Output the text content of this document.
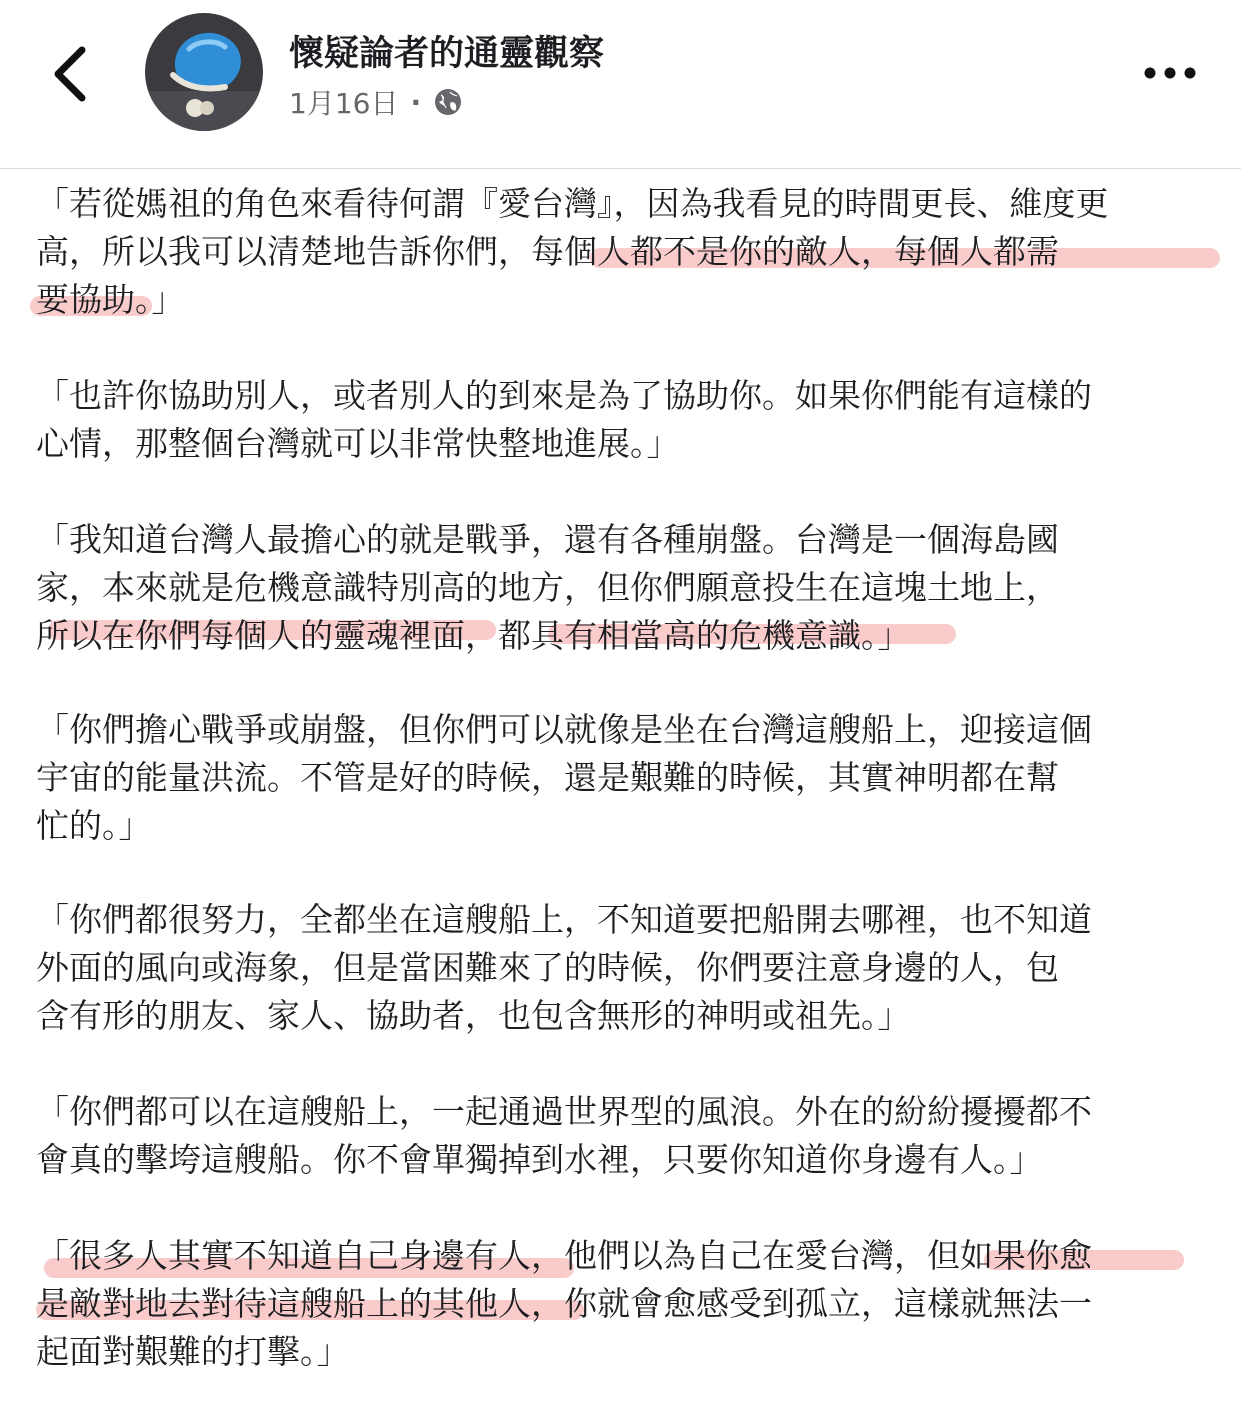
懷疑論者的通靈觀察
1月16日 ·

「若從媽祖的角色來看待何謂『愛台灣』，因為我看見的時間更長、維度更
高，所以我可以清楚地告訴你們，每個人都不是你的敵人，每個人都需
要協助。」

「也許你協助別人，或者別人的到來是為了協助你。如果你們能有這樣的
心情，那整個台灣就可以非常快整地進展。」

「我知道台灣人最擔心的就是戰爭，還有各種崩盤。台灣是一個海島國
家，本來就是危機意識特別高的地方，但你們願意投生在這塊土地上，
所以在你們每個人的靈魂裡面，都具有相當高的危機意識。」

「你們擔心戰爭或崩盤，但你們可以就像是坐在台灣這艘船上，迎接這個
宇宙的能量洪流。不管是好的時候，還是艱難的時候，其實神明都在幫
忙的。」

「你們都很努力，全都坐在這艘船上，不知道要把船開去哪裡，也不知道
外面的風向或海象，但是當困難來了的時候，你們要注意身邊的人，包
含有形的朋友、家人、協助者，也包含無形的神明或祖先。」

「你們都可以在這艘船上，一起通過世界型的風浪。外在的紛紛擾擾都不
會真的擊垮這艘船。你不會單獨掉到水裡，只要你知道你身邊有人。」

「很多人其實不知道自己身邊有人，他們以為自己在愛台灣，但如果你愈
是敵對地去對待這艘船上的其他人，你就會愈感受到孤立，這樣就無法一
起面對艱難的打擊。」
